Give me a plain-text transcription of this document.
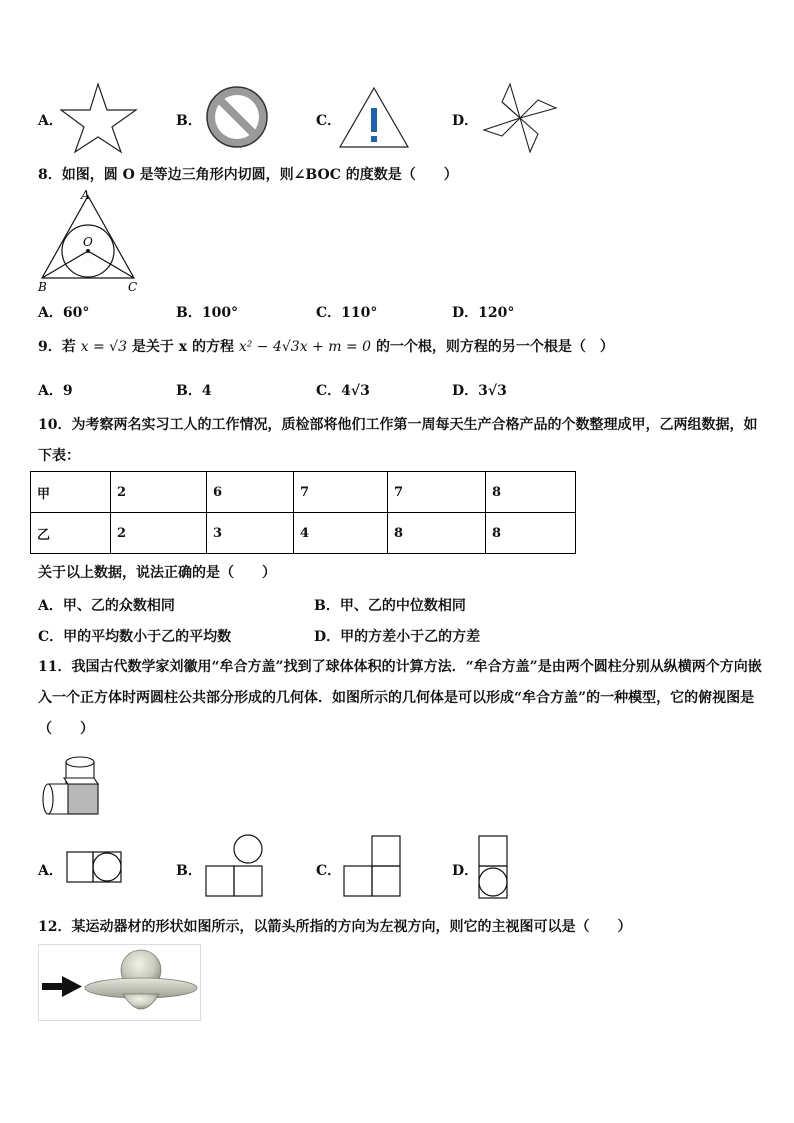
A．	B．	C．	D．
8．如图，圆 O 是等边三角形内切圆，则∠BOC 的度数是（　　）
A
O
B	C
A．60°	B．100°	C．110°	D．120°
9．若 x = √3 是关于 x 的方程 x² − 4√3x + m = 0 的一个根，则方程的另一个根是（　）
A．9	B．4	C．4√3	D．3√3
10．为考察两名实习工人的工作情况，质检部将他们工作第一周每天生产合格产品的个数整理成甲，乙两组数据，如
下表：
甲	2	6	7	7	8
乙	2	3	4	8	8
关于以上数据，说法正确的是（　　）
A．甲、乙的众数相同	B．甲、乙的中位数相同
C．甲的平均数小于乙的平均数	D．甲的方差小于乙的方差
11．我国古代数学家刘徽用“牟合方盖”找到了球体体积的计算方法．“牟合方盖”是由两个圆柱分别从纵横两个方向嵌
入一个正方体时两圆柱公共部分形成的几何体．如图所示的几何体是可以形成“牟合方盖”的一种模型，它的俯视图是
（　　）
A．	B．	C．	D．
12．某运动器材的形状如图所示，以箭头所指的方向为左视方向，则它的主视图可以是（　　）
